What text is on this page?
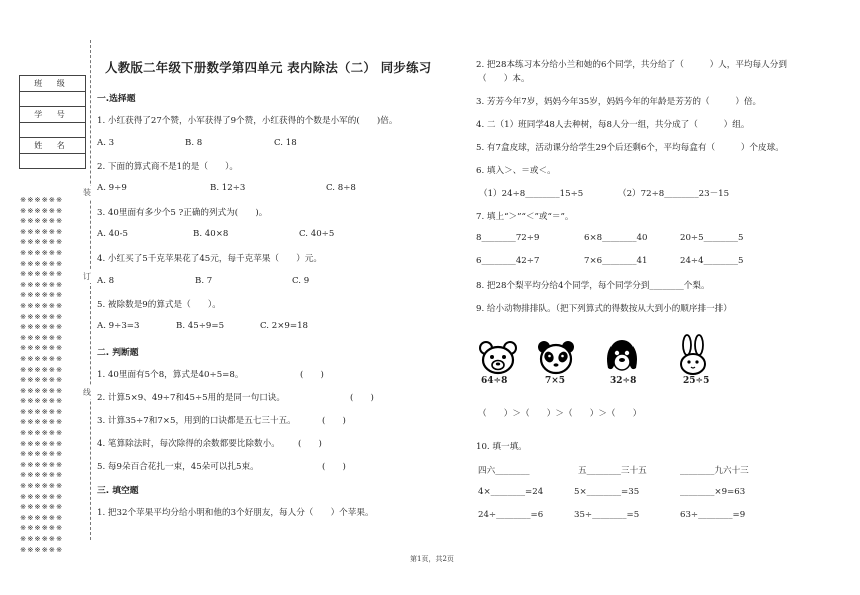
班 级

学 号

姓 名

※※※※※※
※※※※※※
※※※※※※
※※※※※※
※※※※※※
※※※※※※
※※※※※※
※※※※※※
※※※※※※
※※※※※※
※※※※※※
※※※※※※
※※※※※※
※※※※※※
※※※※※※
※※※※※※
※※※※※※
※※※※※※
※※※※※※
※※※※※※
※※※※※※
※※※※※※
※※※※※※
※※※※※※
※※※※※※
※※※※※※
※※※※※※
※※※※※※
※※※※※※
※※※※※※
※※※※※※
※※※※※※
※※※※※※
※※※※※※
装
订
线
人教版二年级下册数学第四单元 表内除法（二） 同步练习
一.选择题
1. 小红获得了27个赞，小军获得了9个赞，小红获得的个数是小军的(　　)倍。
A. 3	B. 8	C. 18
2. 下面的算式商不是1的是（　　）。
A. 9÷9	B. 12÷3	C. 8÷8
3. 40里面有多少个5 ?正确的列式为(　　)。
A. 40-5	B. 40×8	C. 40÷5
4. 小红买了5千克苹果花了45元，每千克苹果（　　）元。
A. 8	B. 7	C. 9
5. 被除数是9的算式是（　　）。
A. 9÷3=3	B. 45÷9=5	C. 2×9=18
二. 判断题
1. 40里面有5个8，算式是40÷5=8。	(　　)
2. 计算5×9、49÷7和45÷5用的是同一句口诀。	(　　)
3. 计算35÷7和7×5，用到的口诀都是五七三十五。	(　　)
4. 笔算除法时，每次除得的余数都要比除数小。 (　　)
5. 每9朵百合花扎一束，45朵可以扎5束。	(　　)
三. 填空题
1. 把32个苹果平均分给小明和他的3个好朋友，每人分（　　）个苹果。
2. 把28本练习本分给小兰和她的6个同学，共分给了（　　　）人，平均每人分到
（　　）本。
3. 芳芳今年7岁，妈妈今年35岁，妈妈今年的年龄是芳芳的（　　　）倍。
4. 二（1）班同学48人去种树，每8人分一组，共分成了（　　　）组。
5. 有7盒皮球，活动课分给学生29个后还剩6个，平均每盒有（　　　）个皮球。
6. 填入＞、＝或＜。
（1）24÷8________15÷5	（2）72÷8________23－15
7. 填上“＞”“＜”或“＝”。
8________72÷9	6×8________40	20÷5________5
6________42÷7	7×6________41	24÷4________5
8. 把28个梨平均分给4个同学，每个同学分到________个梨。
9. 给小动物排排队。（把下列算式的得数按从大到小的顺序排一排）
64÷8	7×5	32÷8	25÷5
（　　）＞（　　）＞（　　）＞（　　）
10. 填一填。
四六________	五________三十五	________九六十三
4×________=24	5×________=35	________×9=63
24÷________=6	35÷________=5	63÷________=9
第1页，共2页
